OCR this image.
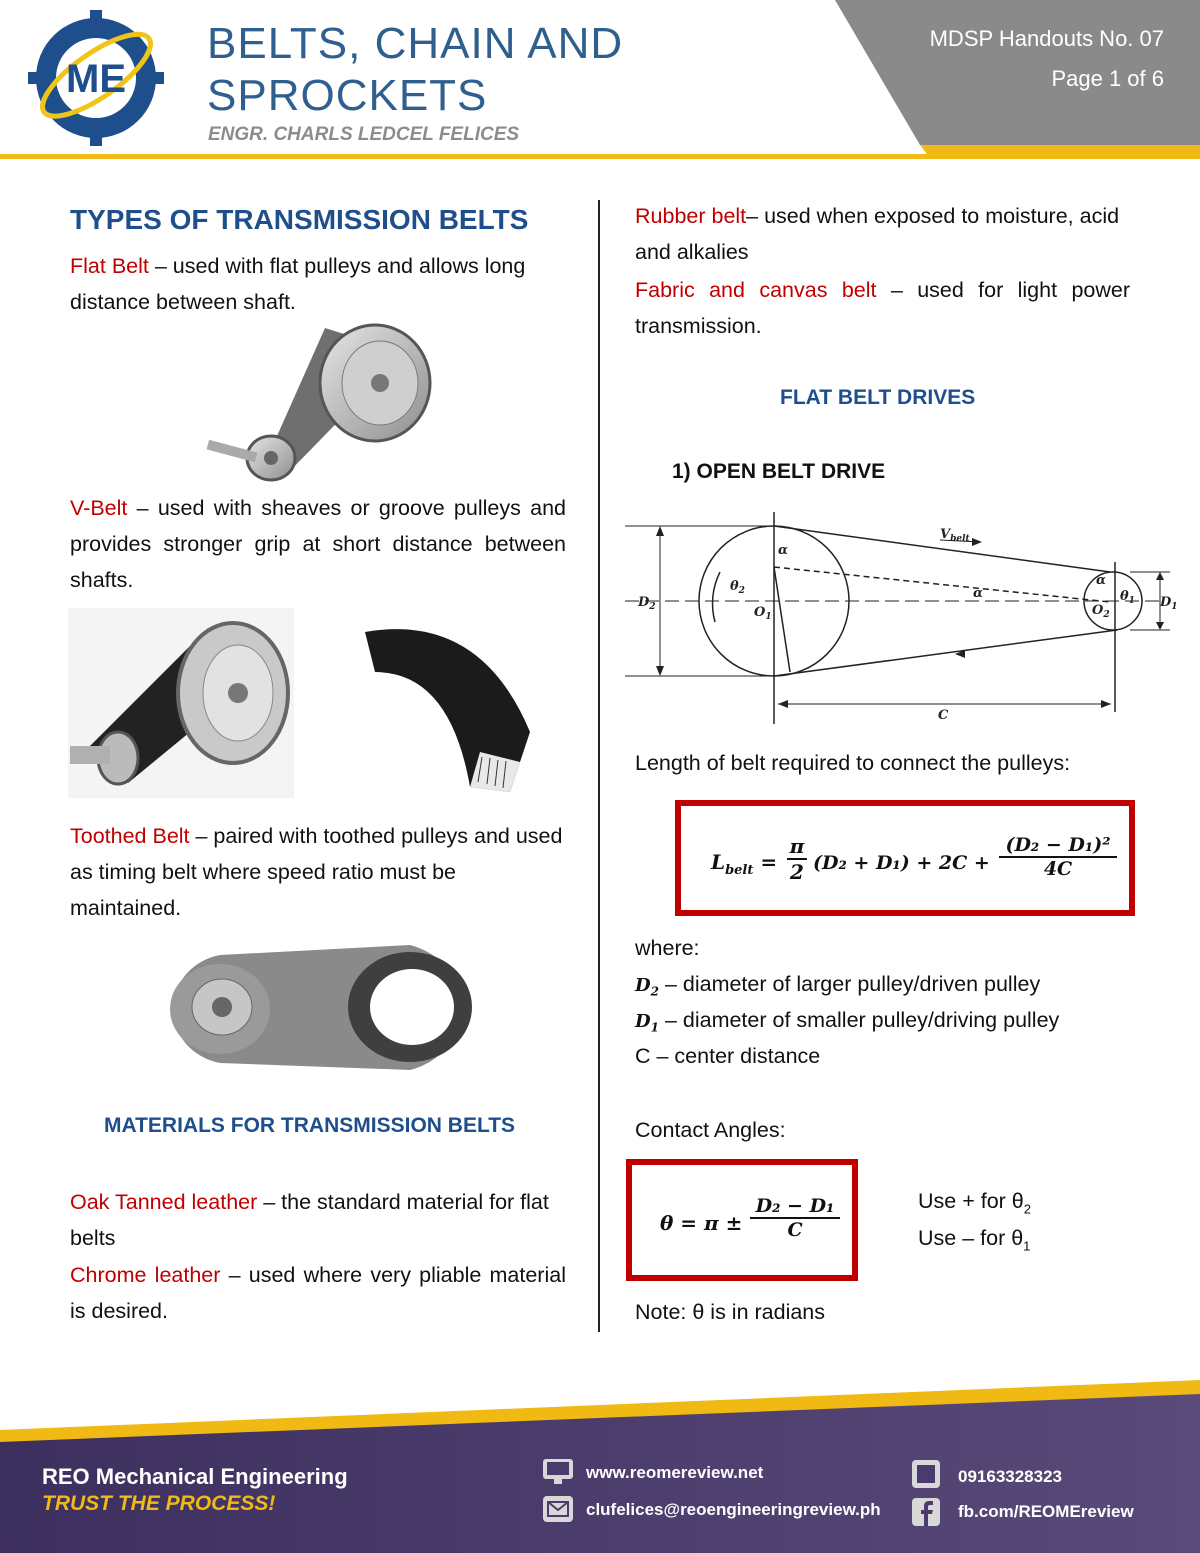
ME
BELTS, CHAIN AND
SPROCKETS
ENGR. CHARLS LEDCEL FELICES
MDSP Handouts No. 07
Page 1 of 6
TYPES OF TRANSMISSION BELTS
Flat Belt – used with flat pulleys and allows long distance between shaft.
V-Belt – used with sheaves or groove pulleys and provides stronger grip at short distance between shafts.
Toothed Belt – paired with toothed pulleys and used as timing belt where speed ratio must be maintained.
MATERIALS FOR TRANSMISSION BELTS
Oak Tanned leather – the standard material for flat belts
Chrome leather – used where very pliable material is desired.
Rubber belt– used when exposed to moisture, acid and alkalies
Fabric and canvas belt – used for light power transmission.
FLAT BELT DRIVES
1) OPEN BELT DRIVE
$D_2$	$D_1$
C
$V_{belt}$
α
α
α
$\theta_2$	$\theta_1$
$O_1$	$O_2$
Length of belt required to connect the pulleys:
$L_{belt}$ =
π
2 (D₂ + D₁) + 2C +
(D₂ − D₁)²
4C
where:
$D_2$ – diameter of larger pulley/driven pulley
$D_1$ – diameter of smaller pulley/driving pulley
C – center distance
Contact Angles:
θ = π ±
D₂ − D₁
C
Use + for $\theta_2$
Use – for $\theta_1$
Note: θ is in radians
REO Mechanical Engineering
TRUST THE PROCESS!
www.reomereview.net
clufelices@reoengineeringreview.ph
09163328323
fb.com/REOMEreview
